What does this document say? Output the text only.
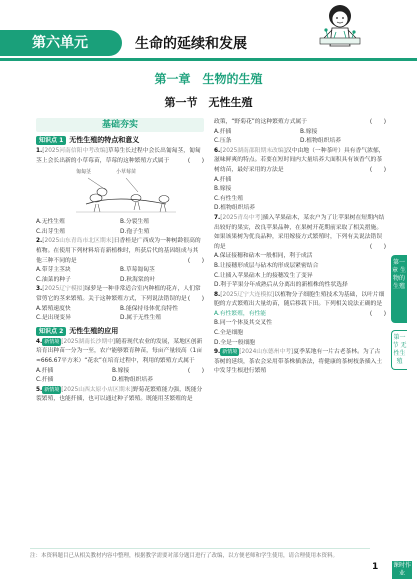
第六单元	生命的延续和发展
第一章　生物的生殖
第一节　无性生殖
基础夯实
知识点 1 无性生殖的特点和意义

1.[2025河南信阳中考改编]草莓生长过程中会长出匍匐茎，匍匐茎上会长出新的小草莓苗，草莓的这种繁殖方式属于	(　　)

匍匐茎	小草莓苗
A.无性生殖	B.分裂生殖
C.出芽生殖	D.孢子生殖

2.[2025山东青岛市北区期末]日香桂是广西成为一种树龄很高的植物。在使用下列材料培育新植株时，所获后代的基因组成与其他三种不同的是	(　　)

A.带芽主茎块	B.草莓匍匐茎
C.油菜的种子	D.秋海棠的叶

3.[2025辽宁模拟]绿萝是一种非常适合室内种植的花卉，人们常常剪它的茎来繁殖。关于这种繁殖方式，下列说法错误的是 (　　)

A.繁殖速度快	B.能保持母体优良特性
C.是出现变异	D.属于无性生殖
知识点 2 无性生殖的应用

4. 新情境 [2025湖南长沙期中]随着现代农业的发展，某地区创新培育出种苗一分为一至，农户能够繁育种苗，每亩产量较高（1亩≈666.67平方米）“花农”在培育过程中，利用的繁殖方式属于
(　　)

A.扦插	B.嫁接
C.扦插	D.植物组织培养

5. 新情境 [2025山西太原小店区期末]野菊花繁殖能力强，既能分裂繁殖，也能扦插，也可以通过种子繁殖。既能用茎繁殖的是

政策，“野菊花”的这种繁殖方式属于	(　　)

A.扦插	B.嫁接
C.压条	D.植物组织培养

6.[2025湖南邵阳期末改编]汉中由地（一种茶叶）具有香气浓郁，滋味鲜爽的特点。若要在短时间内大量培养大面积具有该香气的茶树幼苗，最好采用的方法是	(　　)

A.扦插
B.嫁接
C.有性生殖
D.植物组织培养

7.[2025青岛中考]插入苹果砧木，某农户为了让苹果树在短期内结出较好的果实，改良苹果品种，在果树开花期前采取了相关措施。如果该果树为优良品种，采用嫁接方式繁殖时，下列有关说法错误的是	(　　)

A.保证接穗和砧木一般相同，利于成活
B.让接穗形成层与砧木的形成层紧密结合
C.让插入苹果砧木上的接穗发生了变异
D.利于苹果分年成熟后从分离出的新植株的性状选择

8.[2025辽宁大连模拟]以植物分子细胞生殖技术为基础，以叶片细胞的方式繁殖出大量幼苗，随后移栽下田。下列相关说法正确的是
(　　)

A.有性繁殖，有性能
B.同一个体及其交叉性
C.全是细胞
D.全是一般细胞

9. 新情境 [2024山东德州中考]夏季某地有一片古老茶林。为了古茶树的延续，茶农会采用带茶株插条法，将健康的茶树枝条插入土中发芽生根进行繁殖

第一章 生物的生殖
第一节 无性生殖
注：本资料题目已从相关教材内容中整理，根据教学需要对部分题目进行了改编，以方便老师和学生使用，请合理使用本资料。
1 课时作业
